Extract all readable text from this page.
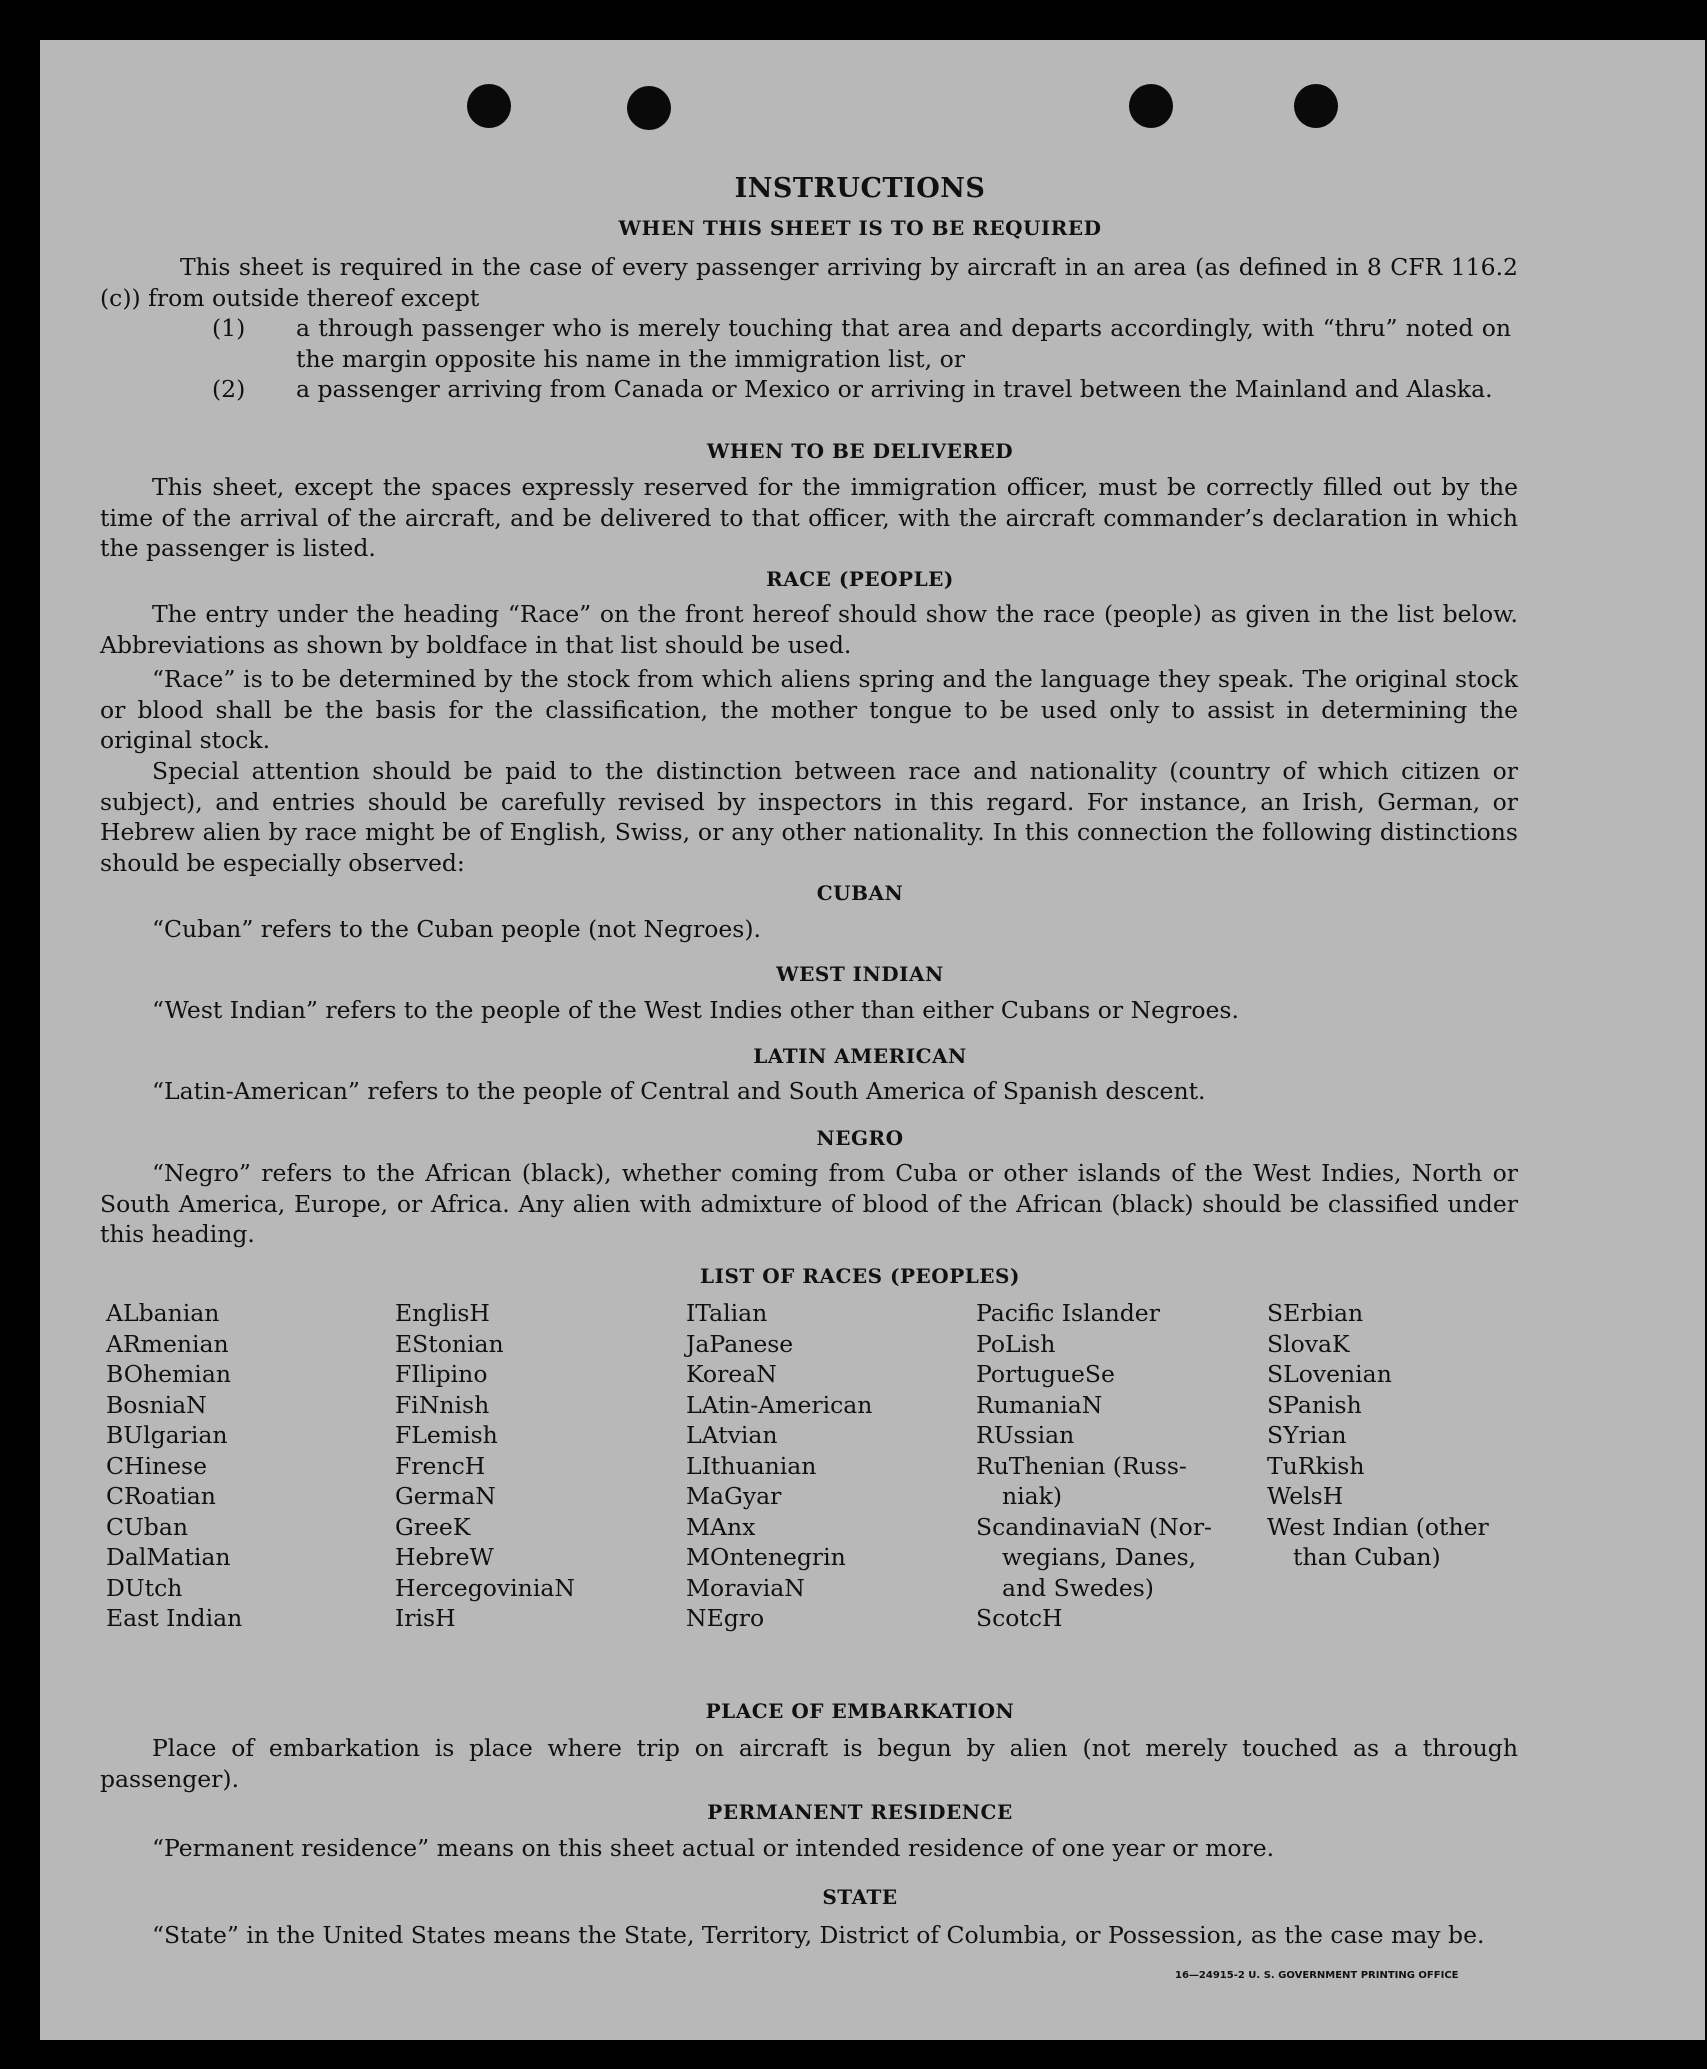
INSTRUCTIONS
WHEN THIS SHEET IS TO BE REQUIRED
This sheet is required in the case of every passenger arriving by aircraft in an area (as defined in 8 CFR 116.2 (c)) from outside thereof except
(1) a through passenger who is merely touching that area and departs accordingly, with “thru” noted on the margin opposite his name in the immigration list, or
(2) a passenger arriving from Canada or Mexico or arriving in travel between the Mainland and Alaska.
WHEN TO BE DELIVERED
This sheet, except the spaces expressly reserved for the immigration officer, must be correctly filled out by the time of the arrival of the aircraft, and be delivered to that officer, with the aircraft commander’s declaration in which the passenger is listed.
RACE (PEOPLE)
The entry under the heading “Race” on the front hereof should show the race (people) as given in the list below. Abbreviations as shown by boldface in that list should be used.
“Race” is to be determined by the stock from which aliens spring and the language they speak. The original stock or blood shall be the basis for the classification, the mother tongue to be used only to assist in determining the original stock.
Special attention should be paid to the distinction between race and nationality (country of which citizen or subject), and entries should be carefully revised by inspectors in this regard. For instance, an Irish, German, or Hebrew alien by race might be of English, Swiss, or any other nationality. In this connection the following distinctions should be especially observed:
CUBAN
“Cuban” refers to the Cuban people (not Negroes).
WEST INDIAN
“West Indian” refers to the people of the West Indies other than either Cubans or Negroes.
LATIN AMERICAN
“Latin-American” refers to the people of Central and South America of Spanish descent.
NEGRO
“Negro” refers to the African (black), whether coming from Cuba or other islands of the West Indies, North or South America, Europe, or Africa. Any alien with admixture of blood of the African (black) should be classified under this heading.
LIST OF RACES (PEOPLES)
ALbanian
ARmenian
BOhemian
BosniaN
BUlgarian
CHinese
CRoatian
CUban
DalMatian
DUtch
East Indian
EnglisH
EStonian
FIlipino
FiNnish
FLemish
FrencH
GermaN
GreeK
HebreW
HercegoviniaN
IrisH
ITalian
JaPanese
KoreaN
LAtin-American
LAtvian
LIthuanian
MaGyar
MAnx
MOntenegrin
MoraviaN
NEgro
Pacific Islander
PoLish
PortugueSe
RumaniaN
RUssian
RuThenian (Russ-
niak)
ScandinaviaN (Nor-
wegians, Danes,
and Swedes)
ScotcH
SErbian
SlovaK
SLovenian
SPanish
SYrian
TuRkish
WelsH
West Indian (other
than Cuban)
PLACE OF EMBARKATION
Place of embarkation is place where trip on aircraft is begun by alien (not merely touched as a through passenger).
PERMANENT RESIDENCE
“Permanent residence” means on this sheet actual or intended residence of one year or more.
STATE
“State” in the United States means the State, Territory, District of Columbia, or Possession, as the case may be.
16—24915-2 U. S. GOVERNMENT PRINTING OFFICE
